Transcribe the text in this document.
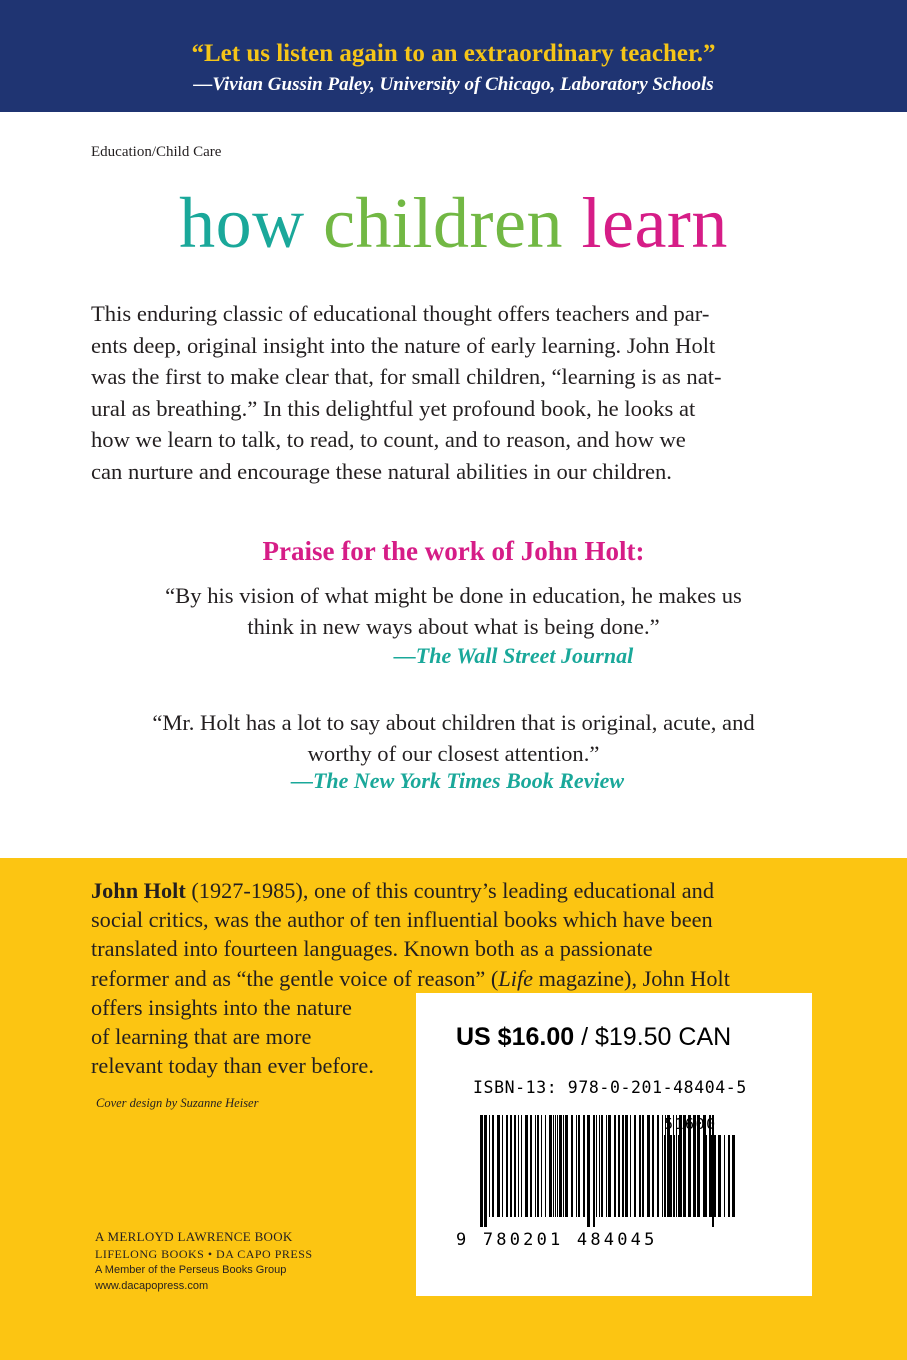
“Let us listen again to an extraordinary teacher.”
—Vivian Gussin Paley, University of Chicago, Laboratory Schools
Education/Child Care
how children learn
This enduring classic of educational thought offers teachers and par-
ents deep, original insight into the nature of early learning. John Holt
was the first to make clear that, for small children, “learning is as nat-
ural as breathing.” In this delightful yet profound book, he looks at
how we learn to talk, to read, to count, and to reason, and how we
can nurture and encourage these natural abilities in our children.
Praise for the work of John Holt:
“By his vision of what might be done in education, he makes us
think in new ways about what is being done.”
—The Wall Street Journal
“Mr. Holt has a lot to say about children that is original, acute, and
worthy of our closest attention.”
—The New York Times Book Review
John Holt (1927-1985), one of this country’s leading educational and
social critics, was the author of ten influential books which have been
translated into fourteen languages. Known both as a passionate
reformer and as “the gentle voice of reason” (Life magazine), John Holt
offers insights into the nature
of learning that are more
relevant today than ever before.
Cover design by Suzanne Heiser
A MERLOYD LAWRENCE BOOK
LIFELONG BOOKS • DA CAPO PRESS
A Member of the Perseus Books Group
www.dacapopress.com
US $16.00 / $19.50 CAN
ISBN-13: 978-0-201-48404-5
51600
9 780201 484045
